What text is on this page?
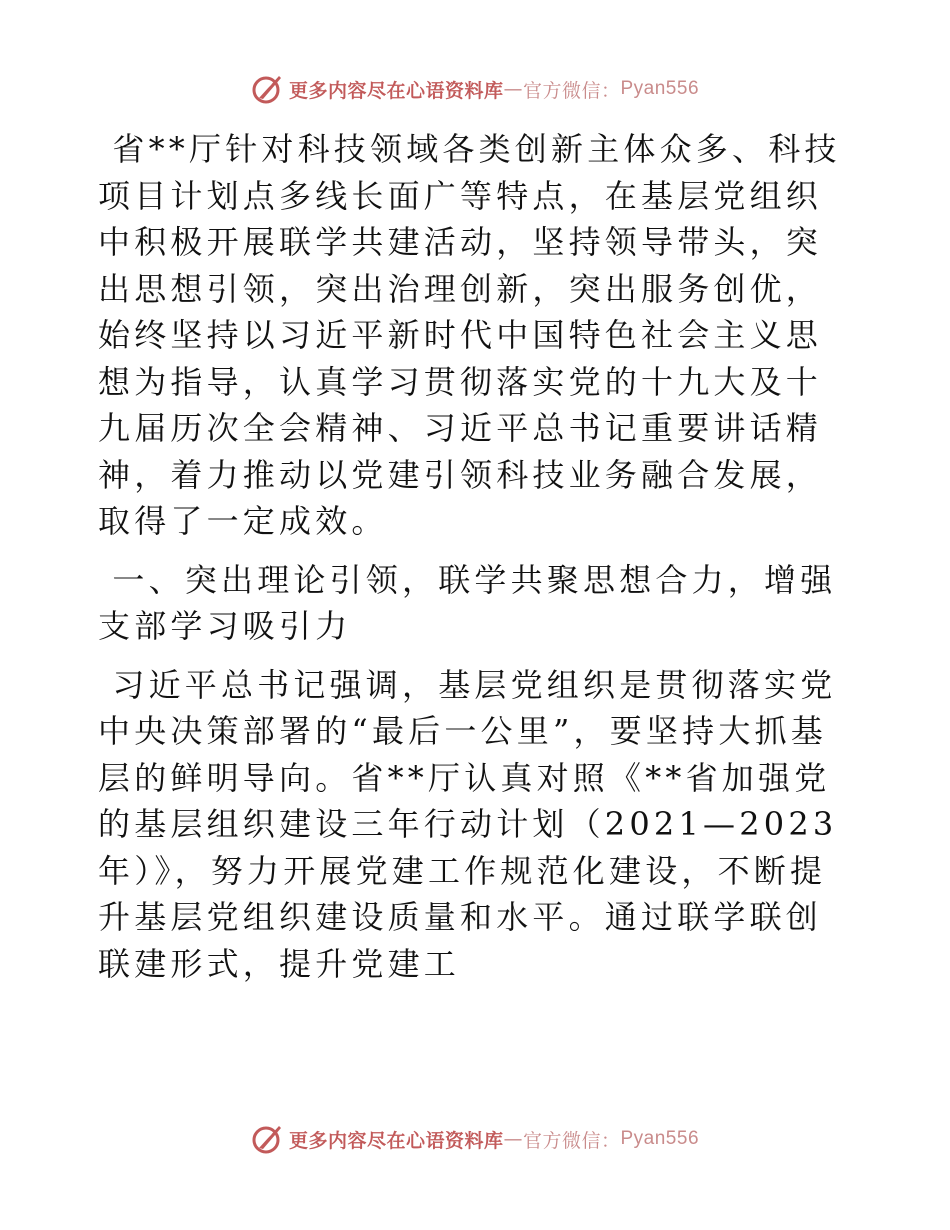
更多内容尽在心语资料库 — 官方微信： Pyan556

省**厅针对科技领域各类创新主体众多、科技项目计划点多线长面广等特点，在基层党组织中积极开展联学共建活动，坚持领导带头，突出思想引领，突出治理创新，突出服务创优，始终坚持以习近平新时代中国特色社会主义思想为指导，认真学习贯彻落实党的十九大及十九届历次全会精神、习近平总书记重要讲话精神，着力推动以党建引领科技业务融合发展，取得了一定成效。

一、突出理论引领，联学共聚思想合力，增强支部学习吸引力

习近平总书记强调，基层党组织是贯彻落实党中央决策部署的“最后一公里”，要坚持大抓基层的鲜明导向。省**厅认真对照《**省加强党的基层组织建设三年行动计划（2021—2023年）》，努力开展党建工作规范化建设，不断提升基层党组织建设质量和水平。通过联学联创联建形式，提升党建工

更多内容尽在心语资料库 — 官方微信： Pyan556
